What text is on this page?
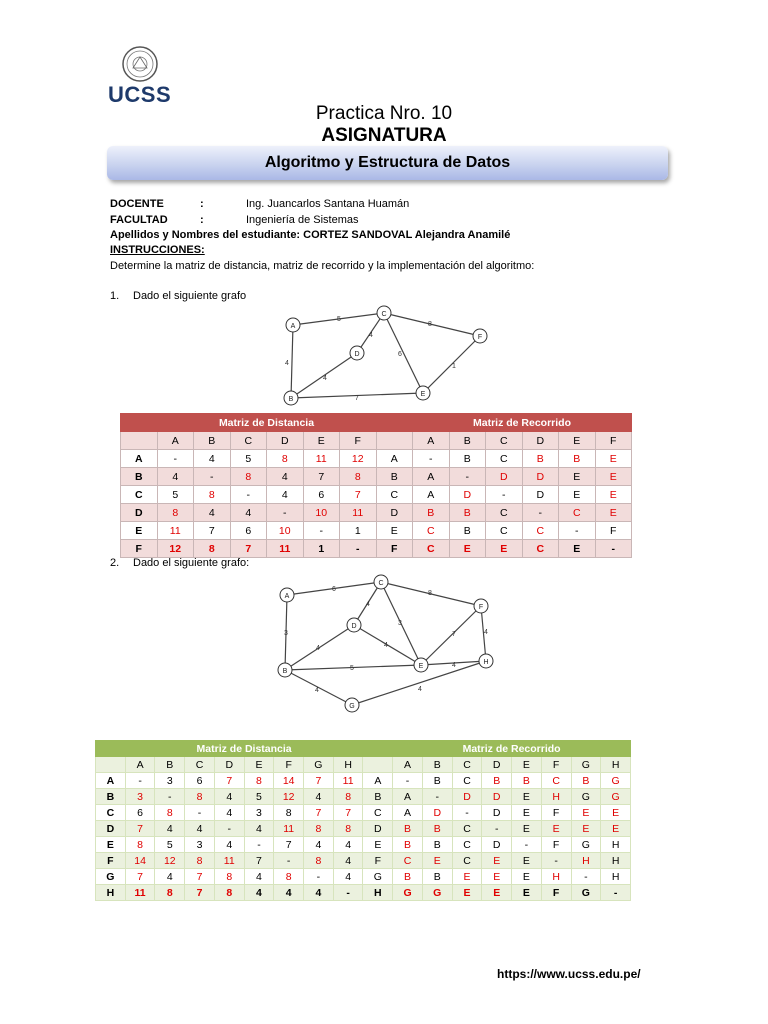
UCSS
Practica Nro. 10
ASIGNATURA
Algoritmo y Estructura de Datos
DOCENTE	:	Ing. Juancarlos Santana Huamán
FACULTAD	:	Ingeniería de Sistemas
Apellidos y Nombres del estudiante: CORTEZ SANDOVAL Alejandra Anamilé
INSTRUCCIONES:
Determine la matriz de distancia, matriz de recorrido y la implementación del algoritmo:
1. Dado el siguiente grafo
5
4
8
4
6
4
7
1
A
B
C
D
E
F
	Matriz de Distancia							Matriz de Recorrido					
	A	B	C	D	E	F		A	B	C	D	E	F
A	-	4	5	8	11	12	A	-	B	C	B	B	E
B	4	-	8	4	7	8	B	A	-	D	D	E	E
C	5	8	-	4	6	7	C	A	D	-	D	E	E
D	8	4	4	-	10	11	D	B	B	C	-	C	E
E	11	7	6	10	-	1	E	C	B	C	C	-	F
F	12	8	7	11	1	-	F	C	E	E	C	E	-
2. Dado el siguiente grafo:
6
3
8
4
3
4	4
5
4
7	4
4
4
A
B
C
D
E
F
G
H
	Matriz de Distancia									Matriz de Recorrido							
	A	B	C	D	E	F	G	H		A	B	C	D	E	F	G	H
A	-	3	6	7	8	14	7	11	A	-	B	C	B	B	C	B	G
B	3	-	8	4	5	12	4	8	B	A	-	D	D	E	H	G	G
C	6	8	-	4	3	8	7	7	C	A	D	-	D	E	F	E	E
D	7	4	4	-	4	11	8	8	D	B	B	C	-	E	E	E	E
E	8	5	3	4	-	7	4	4	E	B	B	C	D	-	F	G	H
F	14	12	8	11	7	-	8	4	F	C	E	C	E	E	-	H	H
G	7	4	7	8	4	8	-	4	G	B	B	E	E	E	H	-	H
H	11	8	7	8	4	4	4	-	H	G	G	E	E	E	F	G	-
https://www.ucss.edu.pe/
